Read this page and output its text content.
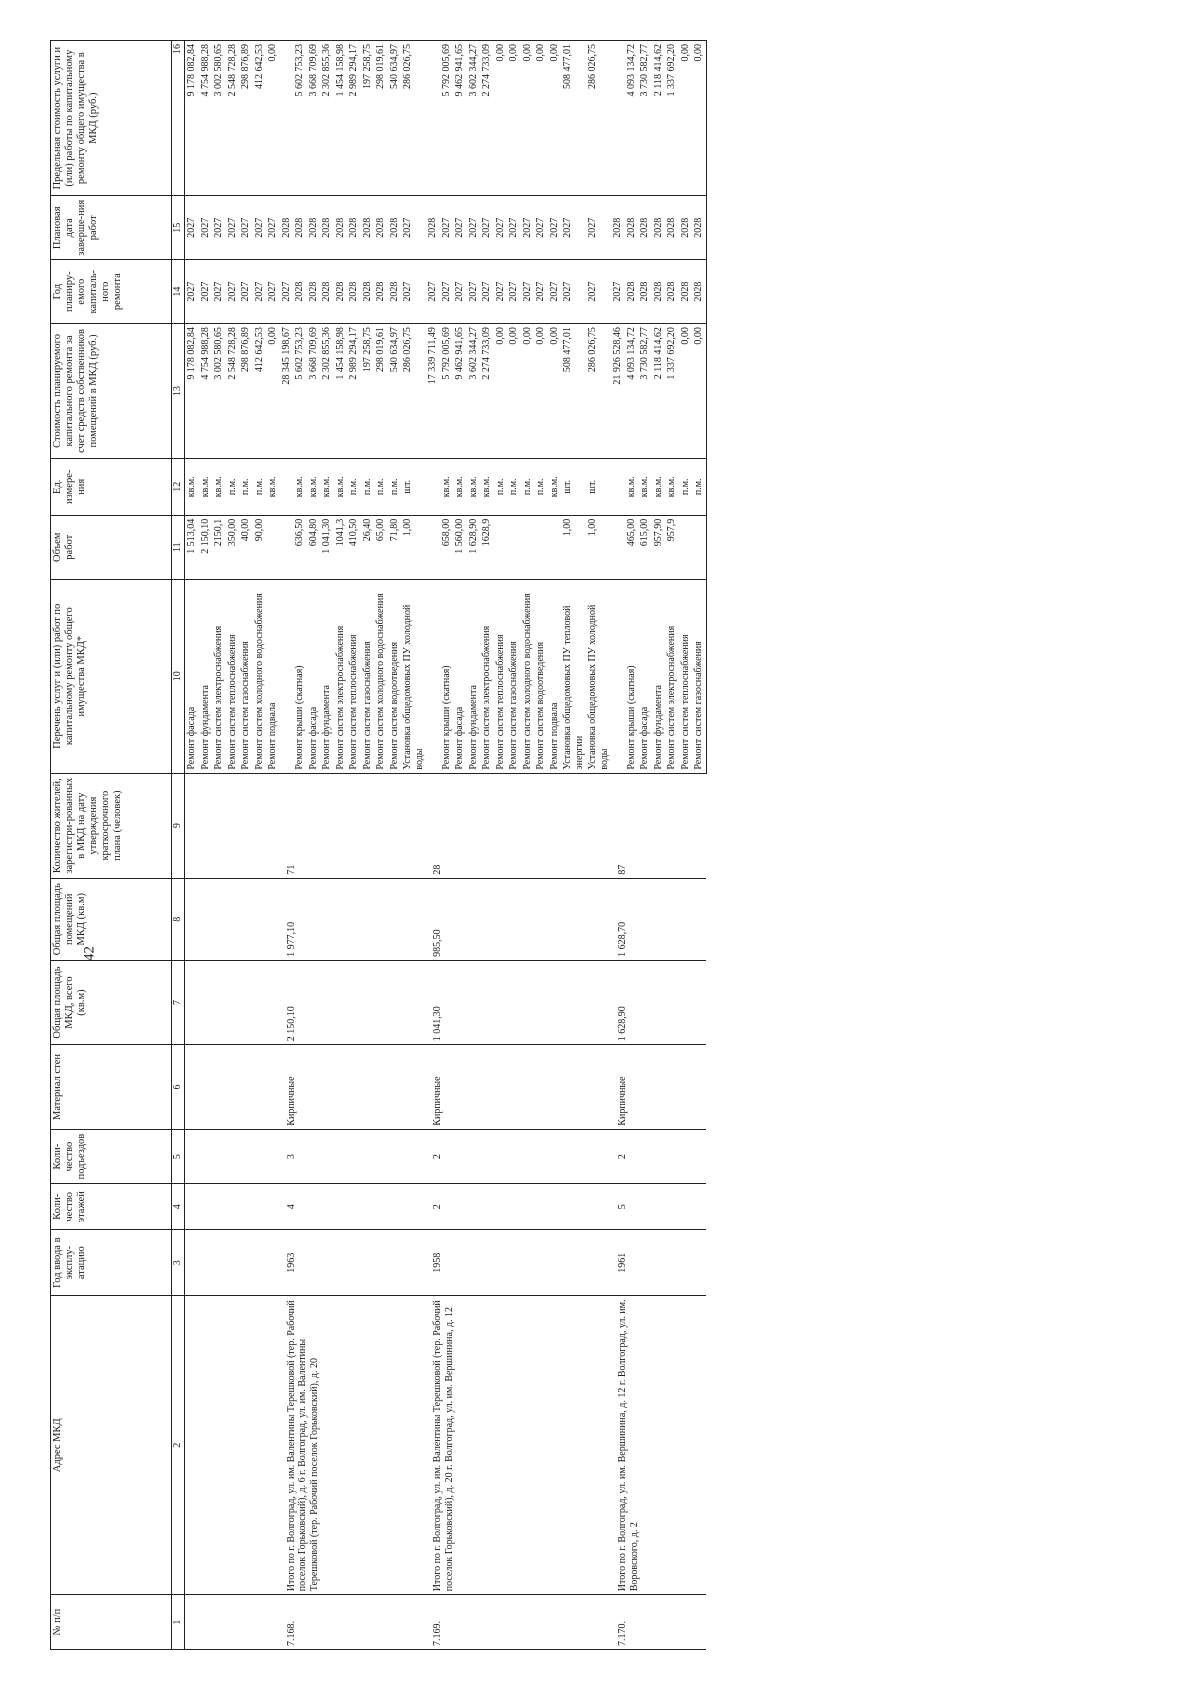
42
№ п/п	Адрес МКД	Год ввода в эксплу-атацию	Коли-чество этажей	Коли-чество подъездов	Материал стен	Общая площадь МКД, всего (кв.м)	Общая площадь помещений МКД (кв.м)	Количество жителей, зарегистри-рованных в МКД на дату утверждения краткосрочного плана (человек)	Перечень услуг и (или) работ по капитальному ремонту общего имущества МКД*	Объем работ	Ед. измере-ния	Стоимость планируемого капитального ремонта за счет средств собственников помещений в МКД (руб.)	Год планиру-емого капиталь-ного ремонта	Плановая дата заверше-ния работ	Предельная стоимость услуги и (или) работы по капитальному ремонту общего имущества в МКД (руб.)
1	2	3	4	5	6	7	8	9	10	11	12	13	14	15	16
									Ремонт фасада	1 513,04	кв.м.	9 178 082,84	2027	2027	9 178 082,84
									Ремонт фундамента	2 150,10	кв.м.	4 754 988,28	2027	2027	4 754 988,28
									Ремонт систем электроснабжения	2150,1	кв.м.	3 002 580,65	2027	2027	3 002 580,65
									Ремонт систем теплоснабжения	350,00	п.м.	2 548 728,28	2027	2027	2 548 728,28
									Ремонт систем газоснабжения	40,00	п.м.	298 876,89	2027	2027	298 876,89
									Ремонт систем холодного водоснабжения	90,00	п.м.	412 642,53	2027	2027	412 642,53
									Ремонт подвала		кв.м.	0,00	2027	2027	0,00
7.168.	Итого по г. Волгоград, ул. им. Валентины Терешковой (тер. Рабочий поселок Горьковский), д. 6 г. Волгоград, ул. им. Валентины Терешковой (тер. Рабочий поселок Горьковский), д. 20	1963	4	3	Кирпичные	2 150,10	1 977,10	71				28 345 198,67	2027	2028	
									Ремонт крыши (скатная)	636,50	кв.м.	5 602 753,23	2028	2028	5 602 753,23
									Ремонт фасада	604,80	кв.м.	3 668 709,69	2028	2028	3 668 709,69
									Ремонт фундамента	1 041,30	кв.м.	2 302 855,36	2028	2028	2 302 855,36
									Ремонт систем электроснабжения	1041,3	кв.м.	1 454 158,98	2028	2028	1 454 158,98
									Ремонт систем теплоснабжения	410,50	п.м.	2 989 294,17	2028	2028	2 989 294,17
									Ремонт систем газоснабжения	26,40	п.м.	197 258,75	2028	2028	197 258,75
									Ремонт систем холодного водоснабжения	65,00	п.м.	298 019,61	2028	2028	298 019,61
									Ремонт систем водоотведения	71,80	п.м.	540 634,97	2028	2028	540 634,97
									Установка общедомовых ПУ холодной воды	1,00	шт.	286 026,75	2027	2027	286 026,75
7.169.	Итого по г. Волгоград, ул. им. Валентины Терешковой (тер. Рабочий поселок Горьковский), д. 20 г. Волгоград, ул. им. Вершинина, д. 12	1958	2	2	Кирпичные	1 041,30	985,50	28				17 339 711,49	2027	2028	
									Ремонт крыши (скатная)	658,00	кв.м.	5 792 005,69	2027	2027	5 792 005,69
									Ремонт фасада	1 560,00	кв.м.	9 462 941,65	2027	2027	9 462 941,65
									Ремонт фундамента	1 628,90	кв.м.	3 602 344,27	2027	2027	3 602 344,27
									Ремонт систем электроснабжения	1628,9	кв.м.	2 274 733,09	2027	2027	2 274 733,09
									Ремонт систем теплоснабжения		п.м.	0,00	2027	2027	0,00
									Ремонт систем газоснабжения		п.м.	0,00	2027	2027	0,00
									Ремонт систем холодного водоснабжения		п.м.	0,00	2027	2027	0,00
									Ремонт систем водоотведения		п.м.	0,00	2027	2027	0,00
									Ремонт подвала		кв.м.	0,00	2027	2027	0,00
									Установка общедомовых ПУ тепловой энергии	1,00	шт.	508 477,01	2027	2027	508 477,01
									Установка общедомовых ПУ холодной воды	1,00	шт.	286 026,75	2027	2027	286 026,75
7.170.	Итого по г. Волгоград, ул. им. Вершинина, д. 12 г. Волгоград, ул. им. Воровского, д. 2	1961	5	2	Кирпичные	1 628,90	1 628,70	87				21 926 528,46	2027	2028	
									Ремонт крыши (скатная)	465,00	кв.м.	4 093 134,72	2028	2028	4 093 134,72
									Ремонт фасада	615,00	кв.м.	3 730 582,77	2028	2028	3 730 582,77
									Ремонт фундамента	957,90	кв.м.	2 118 414,62	2028	2028	2 118 414,62
									Ремонт систем электроснабжения	957,9	кв.м.	1 337 692,20	2028	2028	1 337 692,20
									Ремонт систем теплоснабжения		п.м.	0,00	2028	2028	0,00
									Ремонт систем газоснабжения		п.м.	0,00	2028	2028	0,00
